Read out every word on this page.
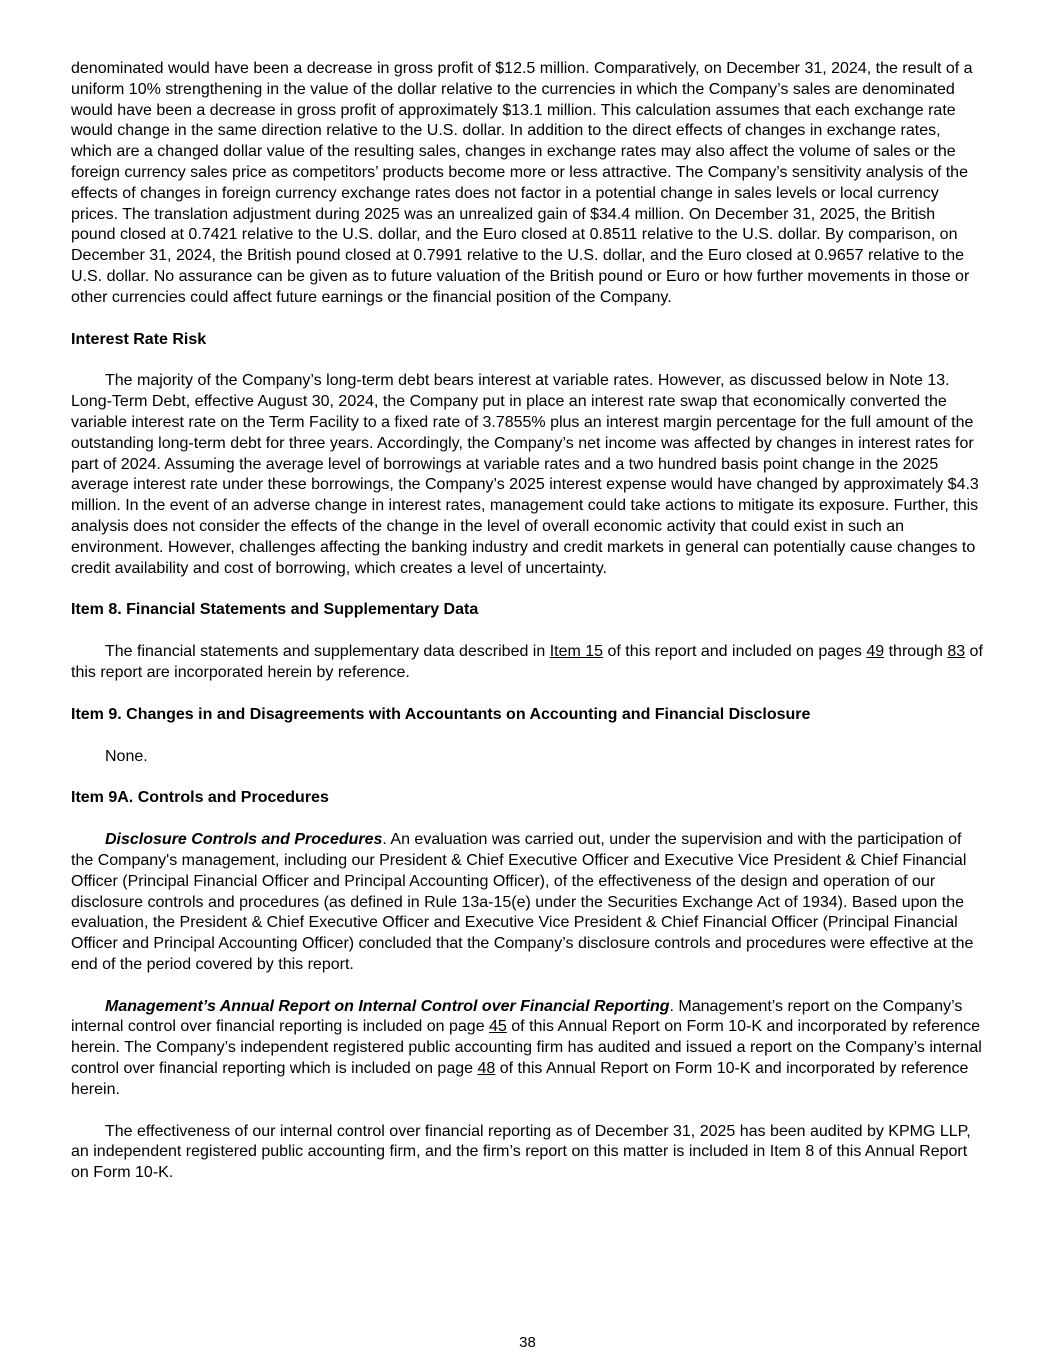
denominated would have been a decrease in gross profit of $12.5 million. Comparatively, on December 31, 2024, the result of a uniform 10% strengthening in the value of the dollar relative to the currencies in which the Company’s sales are denominated would have been a decrease in gross profit of approximately $13.1 million. This calculation assumes that each exchange rate would change in the same direction relative to the U.S. dollar. In addition to the direct effects of changes in exchange rates, which are a changed dollar value of the resulting sales, changes in exchange rates may also affect the volume of sales or the foreign currency sales price as competitors’ products become more or less attractive. The Company’s sensitivity analysis of the effects of changes in foreign currency exchange rates does not factor in a potential change in sales levels or local currency prices. The translation adjustment during 2025 was an unrealized gain of $34.4 million. On December 31, 2025, the British pound closed at 0.7421 relative to the U.S. dollar, and the Euro closed at 0.8511 relative to the U.S. dollar. By comparison, on December 31, 2024, the British pound closed at 0.7991 relative to the U.S. dollar, and the Euro closed at 0.9657 relative to the U.S. dollar. No assurance can be given as to future valuation of the British pound or Euro or how further movements in those or other currencies could affect future earnings or the financial position of the Company.

Interest Rate Risk

The majority of the Company’s long-term debt bears interest at variable rates. However, as discussed below in Note 13. Long-Term Debt, effective August 30, 2024, the Company put in place an interest rate swap that economically converted the variable interest rate on the Term Facility to a fixed rate of 3.7855% plus an interest margin percentage for the full amount of the outstanding long-term debt for three years. Accordingly, the Company’s net income was affected by changes in interest rates for part of 2024. Assuming the average level of borrowings at variable rates and a two hundred basis point change in the 2025 average interest rate under these borrowings, the Company’s 2025 interest expense would have changed by approximately $4.3 million. In the event of an adverse change in interest rates, management could take actions to mitigate its exposure. Further, this analysis does not consider the effects of the change in the level of overall economic activity that could exist in such an environment. However, challenges affecting the banking industry and credit markets in general can potentially cause changes to credit availability and cost of borrowing, which creates a level of uncertainty.

Item 8. Financial Statements and Supplementary Data

The financial statements and supplementary data described in Item 15 of this report and included on pages 49 through 83 of this report are incorporated herein by reference.

Item 9. Changes in and Disagreements with Accountants on Accounting and Financial Disclosure

None.

Item 9A. Controls and Procedures

Disclosure Controls and Procedures. An evaluation was carried out, under the supervision and with the participation of the Company's management, including our President & Chief Executive Officer and Executive Vice President & Chief Financial Officer (Principal Financial Officer and Principal Accounting Officer), of the effectiveness of the design and operation of our disclosure controls and procedures (as defined in Rule 13a-15(e) under the Securities Exchange Act of 1934). Based upon the evaluation, the President & Chief Executive Officer and Executive Vice President & Chief Financial Officer (Principal Financial Officer and Principal Accounting Officer) concluded that the Company’s disclosure controls and procedures were effective at the end of the period covered by this report.

Management’s Annual Report on Internal Control over Financial Reporting. Management’s report on the Company’s internal control over financial reporting is included on page 45 of this Annual Report on Form 10-K and incorporated by reference herein. The Company’s independent registered public accounting firm has audited and issued a report on the Company’s internal control over financial reporting which is included on page 48 of this Annual Report on Form 10-K and incorporated by reference herein.

The effectiveness of our internal control over financial reporting as of December 31, 2025 has been audited by KPMG LLP, an independent registered public accounting firm, and the firm’s report on this matter is included in Item 8 of this Annual Report on Form 10-K.

38
